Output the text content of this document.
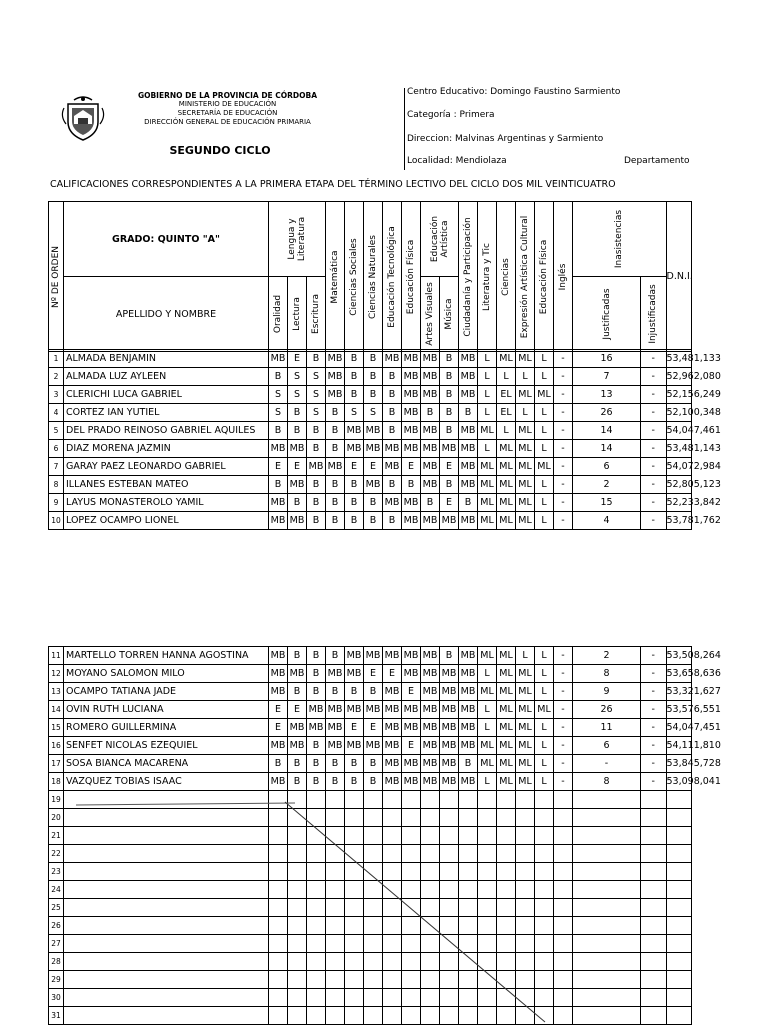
GOBIERNO DE LA PROVINCIA DE CÓRDOBA
MINISTERIO DE EDUCACIÓN
SECRETARÍA DE EDUCACIÓN
DIRECCIÓN GENERAL DE EDUCACIÓN PRIMARIA
SEGUNDO CICLO
Centro Educativo: Domingo Faustino Sarmiento
Categoría : Primera
Direccion: Malvinas Argentinas y Sarmiento
Localidad: Mendiolaza	Departamento
CALIFICACIONES CORRESPONDIENTES A LA PRIMERA ETAPA DEL TÉRMINO LECTIVO DEL CICLO DOS MIL VEINTICUATRO
Nº DE ORDEN	GRADO: QUINTO "A"	Lengua y Literatura			Matemática	Ciencias Sociales	Ciencias Naturales	Educación Tecnológica	Educación Física	Educación Artística		Ciudadanía y Participación	Literatura y Tic	Ciencias	Expresión Artística Cultural	Educación Física	Inglés	Inasistencias		D.N.I.
	APELLIDO Y NOMBRE	Oralidad	Lectura	Escritura						Artes Visuales	Música							Justificadas	Injustificadas	
1	ALMADA BENJAMIN	MB	E	B	MB	B	B	MB	MB	MB	B	MB	L	ML	ML	L	-	16	-	53,481,133
2	ALMADA LUZ AYLEEN	B	S	S	MB	B	B	B	MB	MB	B	MB	L	L	L	L	-	7	-	52,962,080
3	CLERICHI LUCA GABRIEL	S	S	S	MB	B	B	B	MB	MB	B	MB	L	EL	ML	ML	-	13	-	52,156,249
4	CORTEZ IAN YUTIEL	S	B	S	B	S	S	B	MB	B	B	B	L	EL	L	L	-	26	-	52,100,348
5	DEL PRADO REINOSO GABRIEL AQUILES	B	B	B	B	MB	MB	B	MB	MB	B	MB	ML	L	ML	L	-	14	-	54,047,461
6	DIAZ MORENA JAZMIN	MB	MB	B	B	MB	MB	MB	MB	MB	MB	MB	L	ML	ML	L	-	14	-	53,481,143
7	GARAY PAEZ LEONARDO GABRIEL	E	E	MB	MB	E	E	MB	E	MB	E	MB	ML	ML	ML	ML	-	6	-	54,072,984
8	ILLANES ESTEBAN MATEO	B	MB	B	B	B	MB	B	B	MB	B	MB	ML	ML	ML	L	-	2	-	52,805,123
9	LAYUS MONASTEROLO YAMIL	MB	B	B	B	B	B	MB	MB	B	E	B	ML	ML	ML	L	-	15	-	52,233,842
10	LOPEZ OCAMPO LIONEL	MB	MB	B	B	B	B	B	MB	MB	MB	MB	ML	ML	ML	L	-	4	-	53,781,762
11	MARTELLO TORREN HANNA AGOSTINA	MB	B	B	B	MB	MB	MB	MB	MB	B	MB	ML	ML	L	L	-	2	-	53,508,264
12	MOYANO SALOMON MILO	MB	MB	B	MB	MB	E	E	MB	MB	MB	MB	L	ML	ML	L	-	8	-	53,658,636
13	OCAMPO TATIANA JADE	MB	B	B	B	B	B	MB	E	MB	MB	MB	ML	ML	ML	L	-	9	-	53,321,627
14	OVIN RUTH LUCIANA	E	E	MB	MB	MB	MB	MB	MB	MB	MB	MB	L	ML	ML	ML	-	26	-	53,576,551
15	ROMERO GUILLERMINA	E	MB	MB	MB	E	E	MB	MB	MB	MB	MB	L	ML	ML	L	-	11	-	54,047,451
16	SENFET NICOLAS EZEQUIEL	MB	MB	B	MB	MB	MB	MB	E	MB	MB	MB	ML	ML	ML	L	-	6	-	54,111,810
17	SOSA BIANCA MACARENA	B	B	B	B	B	B	MB	MB	MB	MB	B	ML	ML	ML	L	-	-	-	53,845,728
18	VAZQUEZ TOBIAS ISAAC	MB	B	B	B	B	B	MB	MB	MB	MB	MB	L	ML	ML	L	-	8	-	53,098,041
19																				
20																				
21																				
22																				
23																				
24																				
25																				
26																				
27																				
28																				
29																				
30																				
31																				
